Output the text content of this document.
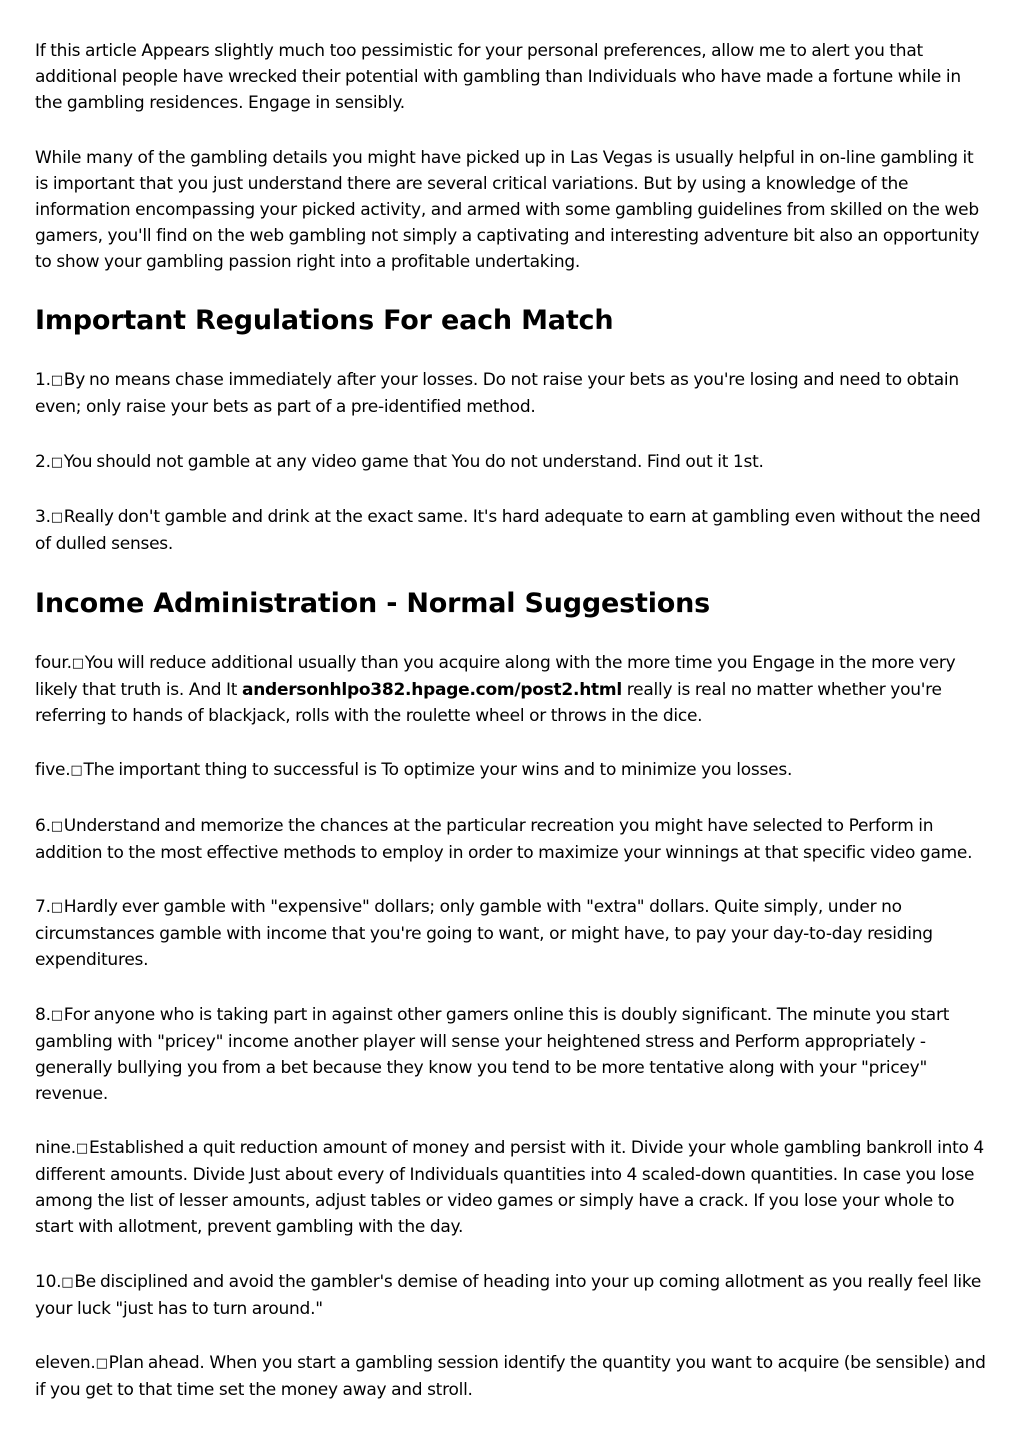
If this article Appears slightly much too pessimistic for your personal preferences, allow me to alert you that additional people have wrecked their potential with gambling than Individuals who have made a fortune while in the gambling residences. Engage in sensibly.

While many of the gambling details you might have picked up in Las Vegas is usually helpful in on-line gambling it is important that you just understand there are several critical variations. But by using a knowledge of the information encompassing your picked activity, and armed with some gambling guidelines from skilled on the web gamers, you'll find on the web gambling not simply a captivating and interesting adventure bit also an opportunity to show your gambling passion right into a profitable undertaking.

Important Regulations For each Match

1.□By no means chase immediately after your losses. Do not raise your bets as you're losing and need to obtain even; only raise your bets as part of a pre-identified method.

2.□You should not gamble at any video game that You do not understand. Find out it 1st.

3.□Really don't gamble and drink at the exact same. It's hard adequate to earn at gambling even without the need of dulled senses.

Income Administration - Normal Suggestions

four.□You will reduce additional usually than you acquire along with the more time you Engage in the more very likely that truth is. And It andersonhlpo382.hpage.com/post2.html really is real no matter whether you're referring to hands of blackjack, rolls with the roulette wheel or throws in the dice.

five.□The important thing to successful is To optimize your wins and to minimize you losses.

6.□Understand and memorize the chances at the particular recreation you might have selected to Perform in addition to the most effective methods to employ in order to maximize your winnings at that specific video game.

7.□Hardly ever gamble with "expensive" dollars; only gamble with "extra" dollars. Quite simply, under no circumstances gamble with income that you're going to want, or might have, to pay your day-to-day residing expenditures.

8.□For anyone who is taking part in against other gamers online this is doubly significant. The minute you start gambling with "pricey" income another player will sense your heightened stress and Perform appropriately - generally bullying you from a bet because they know you tend to be more tentative along with your "pricey" revenue.

nine.□Established a quit reduction amount of money and persist with it. Divide your whole gambling bankroll into 4 different amounts. Divide Just about every of Individuals quantities into 4 scaled-down quantities. In case you lose among the list of lesser amounts, adjust tables or video games or simply have a crack. If you lose your whole to start with allotment, prevent gambling with the day.

10.□Be disciplined and avoid the gambler's demise of heading into your up coming allotment as you really feel like your luck "just has to turn around."

eleven.□Plan ahead. When you start a gambling session identify the quantity you want to acquire (be sensible) and if you get to that time set the money away and stroll.
